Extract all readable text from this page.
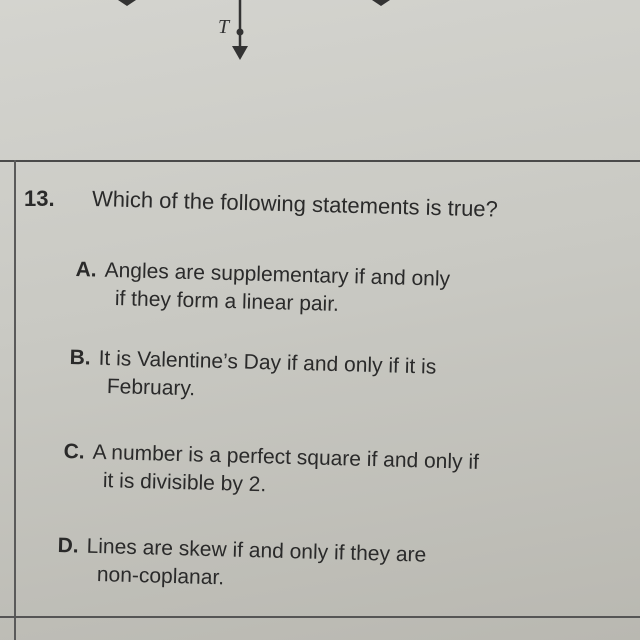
T
13. Which of the following statements is true?
A. Angles are supplementary if and only
if they form a linear pair.
B. It is Valentine’s Day if and only if it is
February.
C. A number is a perfect square if and only if
it is divisible by 2.
D. Lines are skew if and only if they are
non-coplanar.
